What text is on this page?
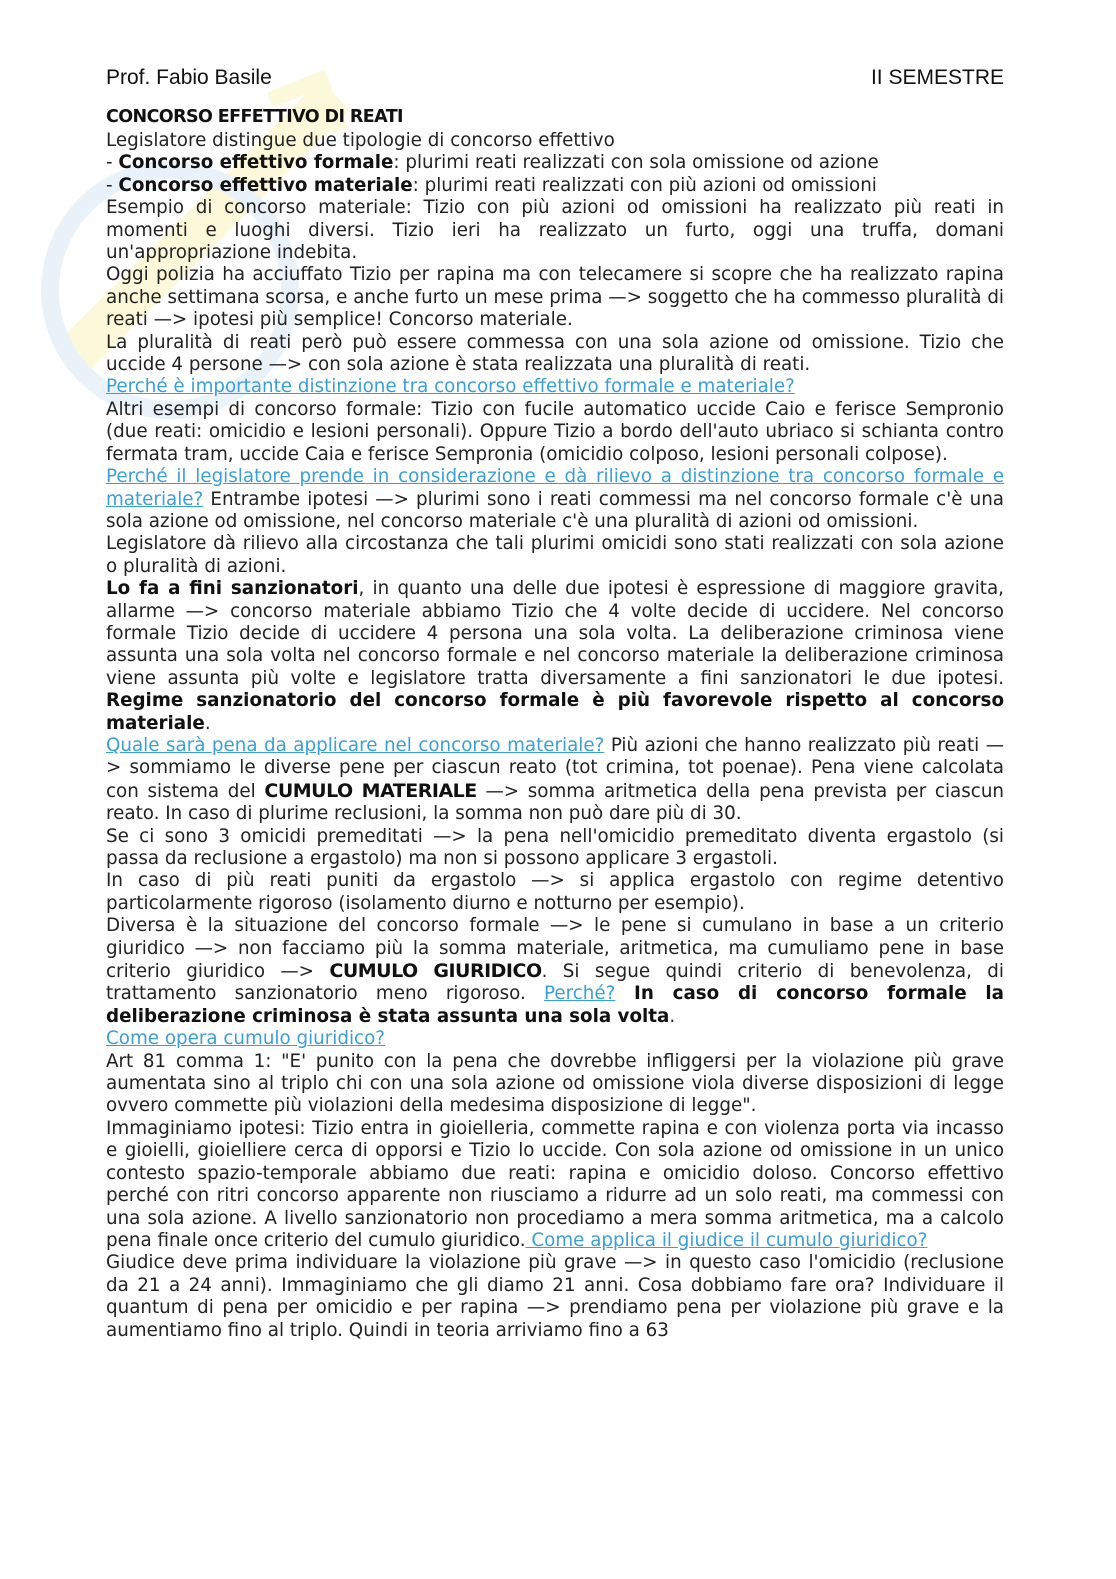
Prof. Fabio Basile	II SEMESTRE
CONCORSO EFFETTIVO DI REATI

Legislatore distingue due tipologie di concorso effettivo

- Concorso effettivo formale: plurimi reati realizzati con sola omissione od azione
- Concorso effettivo materiale: plurimi reati realizzati con più azioni od omissioni

Esempio di concorso materiale: Tizio con più azioni od omissioni ha realizzato più reati in momenti e luoghi diversi. Tizio ieri ha realizzato un furto, oggi una truffa, domani un'appropriazione indebita.

Oggi polizia ha acciuffato Tizio per rapina ma con telecamere si scopre che ha realizzato rapina anche settimana scorsa, e anche furto un mese prima —> soggetto che ha commesso pluralità di reati —> ipotesi più semplice! Concorso materiale.

La pluralità di reati però può essere commessa con una sola azione od omissione. Tizio che uccide 4 persone —> con sola azione è stata realizzata una pluralità di reati.

Perché è importante distinzione tra concorso effettivo formale e materiale?

Altri esempi di concorso formale: Tizio con fucile automatico uccide Caio e ferisce Sempronio (due reati: omicidio e lesioni personali). Oppure Tizio a bordo dell'auto ubriaco si schianta contro fermata tram, uccide Caia e ferisce Sempronia (omicidio colposo, lesioni personali colpose).

Perché il legislatore prende in considerazione e dà rilievo a distinzione tra concorso formale e materiale? Entrambe ipotesi —> plurimi sono i reati commessi ma nel concorso formale c'è una sola azione od omissione, nel concorso materiale c'è una pluralità di azioni od omissioni.

Legislatore dà rilievo alla circostanza che tali plurimi omicidi sono stati realizzati con sola azione o pluralità di azioni.

Lo fa a fini sanzionatori, in quanto una delle due ipotesi è espressione di maggiore gravita, allarme —> concorso materiale abbiamo Tizio che 4 volte decide di uccidere. Nel concorso formale Tizio decide di uccidere 4 persona una sola volta. La deliberazione criminosa viene assunta una sola volta nel concorso formale e nel concorso materiale la deliberazione criminosa viene assunta più volte e legislatore tratta diversamente a fini sanzionatori le due ipotesi. Regime sanzionatorio del concorso formale è più favorevole rispetto al concorso materiale.

Quale sarà pena da applicare nel concorso materiale? Più azioni che hanno realizzato più reati —> sommiamo le diverse pene per ciascun reato (tot crimina, tot poenae). Pena viene calcolata con sistema del CUMULO MATERIALE —> somma aritmetica della pena prevista per ciascun reato. In caso di plurime reclusioni, la somma non può dare più di 30.

Se ci sono 3 omicidi premeditati —> la pena nell'omicidio premeditato diventa ergastolo (si passa da reclusione a ergastolo) ma non si possono applicare 3 ergastoli.

In caso di più reati puniti da ergastolo —> si applica ergastolo con regime detentivo particolarmente rigoroso (isolamento diurno e notturno per esempio).

Diversa è la situazione del concorso formale —> le pene si cumulano in base a un criterio giuridico —> non facciamo più la somma materiale, aritmetica, ma cumuliamo pene in base criterio giuridico —> CUMULO GIURIDICO. Si segue quindi criterio di benevolenza, di trattamento sanzionatorio meno rigoroso. Perché? In caso di concorso formale la deliberazione criminosa è stata assunta una sola volta.

Come opera cumulo giuridico?

Art 81 comma 1: "E' punito con la pena che dovrebbe infliggersi per la violazione più grave aumentata sino al triplo chi con una sola azione od omissione viola diverse disposizioni di legge ovvero commette più violazioni della medesima disposizione di legge".

Immaginiamo ipotesi: Tizio entra in gioielleria, commette rapina e con violenza porta via incasso e gioielli, gioielliere cerca di opporsi e Tizio lo uccide. Con sola azione od omissione in un unico contesto spazio-temporale abbiamo due reati: rapina e omicidio doloso. Concorso effettivo perché con ritri concorso apparente non riusciamo a ridurre ad un solo reati, ma commessi con una sola azione. A livello sanzionatorio non procediamo a mera somma aritmetica, ma a calcolo pena finale once criterio del cumulo giuridico. Come applica il giudice il cumulo giuridico?

Giudice deve prima individuare la violazione più grave —> in questo caso l'omicidio (reclusione da 21 a 24 anni). Immaginiamo che gli diamo 21 anni. Cosa dobbiamo fare ora? Individuare il quantum di pena per omicidio e per rapina —> prendiamo pena per violazione più grave e la aumentiamo fino al triplo. Quindi in teoria arriviamo fino a 63
